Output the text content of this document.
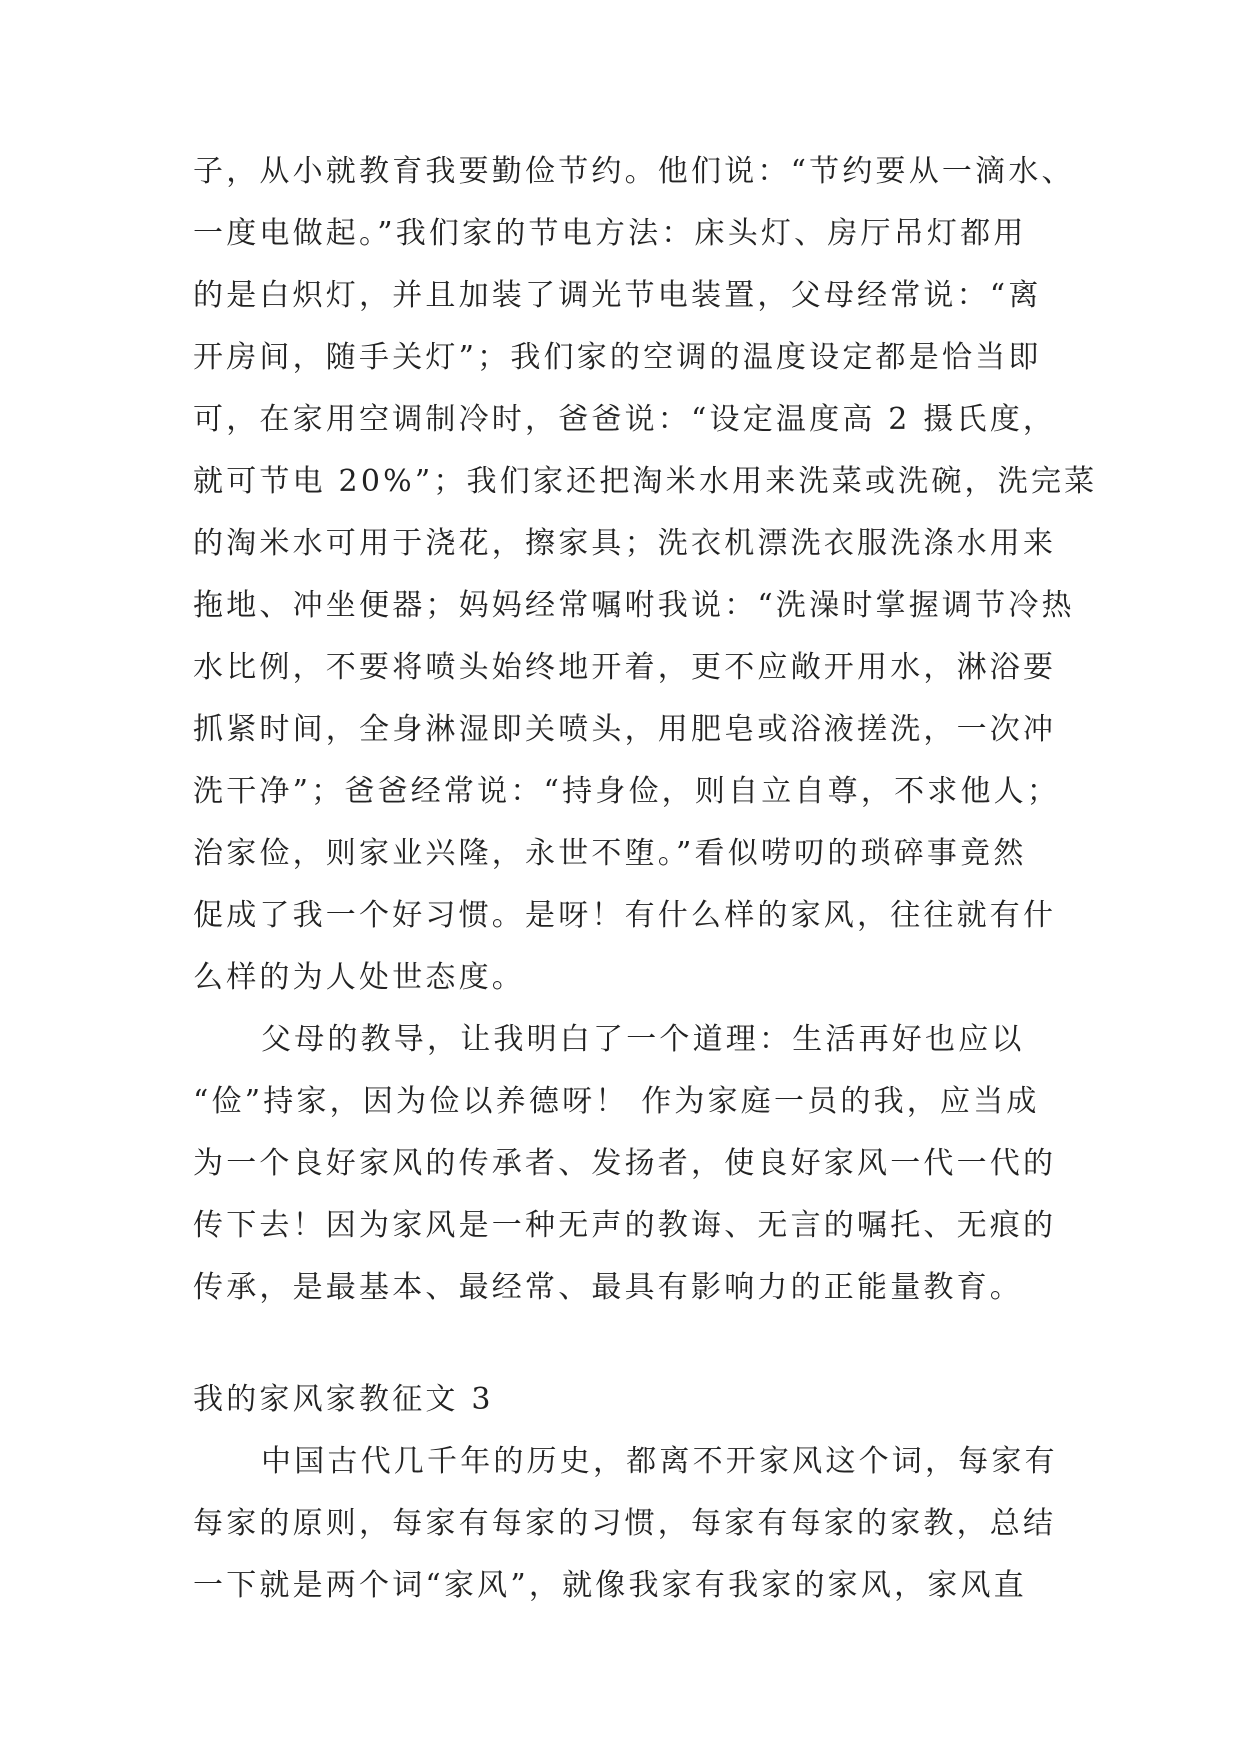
子，从小就教育我要勤俭节约。他们说：“节约要从一滴水、
一度电做起。”我们家的节电方法：床头灯、房厅吊灯都用
的是白炽灯，并且加装了调光节电装置，父母经常说：“离
开房间，随手关灯”；我们家的空调的温度设定都是恰当即
可，在家用空调制冷时，爸爸说：“设定温度高 2 摄氏度，
就可节电 20%”；我们家还把淘米水用来洗菜或洗碗，洗完菜
的淘米水可用于浇花，擦家具；洗衣机漂洗衣服洗涤水用来
拖地、冲坐便器；妈妈经常嘱咐我说：“洗澡时掌握调节冷热
水比例，不要将喷头始终地开着，更不应敞开用水，淋浴要
抓紧时间，全身淋湿即关喷头，用肥皂或浴液搓洗，一次冲
洗干净”；爸爸经常说：“持身俭，则自立自尊，不求他人；
治家俭，则家业兴隆，永世不堕。”看似唠叨的琐碎事竟然
促成了我一个好习惯。是呀！有什么样的家风，往往就有什
么样的为人处世态度。
父母的教导，让我明白了一个道理：生活再好也应以
“俭”持家，因为俭以养德呀！ 作为家庭一员的我，应当成
为一个良好家风的传承者、发扬者，使良好家风一代一代的
传下去！因为家风是一种无声的教诲、无言的嘱托、无痕的
传承，是最基本、最经常、最具有影响力的正能量教育。
我的家风家教征文 3
中国古代几千年的历史，都离不开家风这个词，每家有
每家的原则，每家有每家的习惯，每家有每家的家教，总结
一下就是两个词“家风”，就像我家有我家的家风，家风直
